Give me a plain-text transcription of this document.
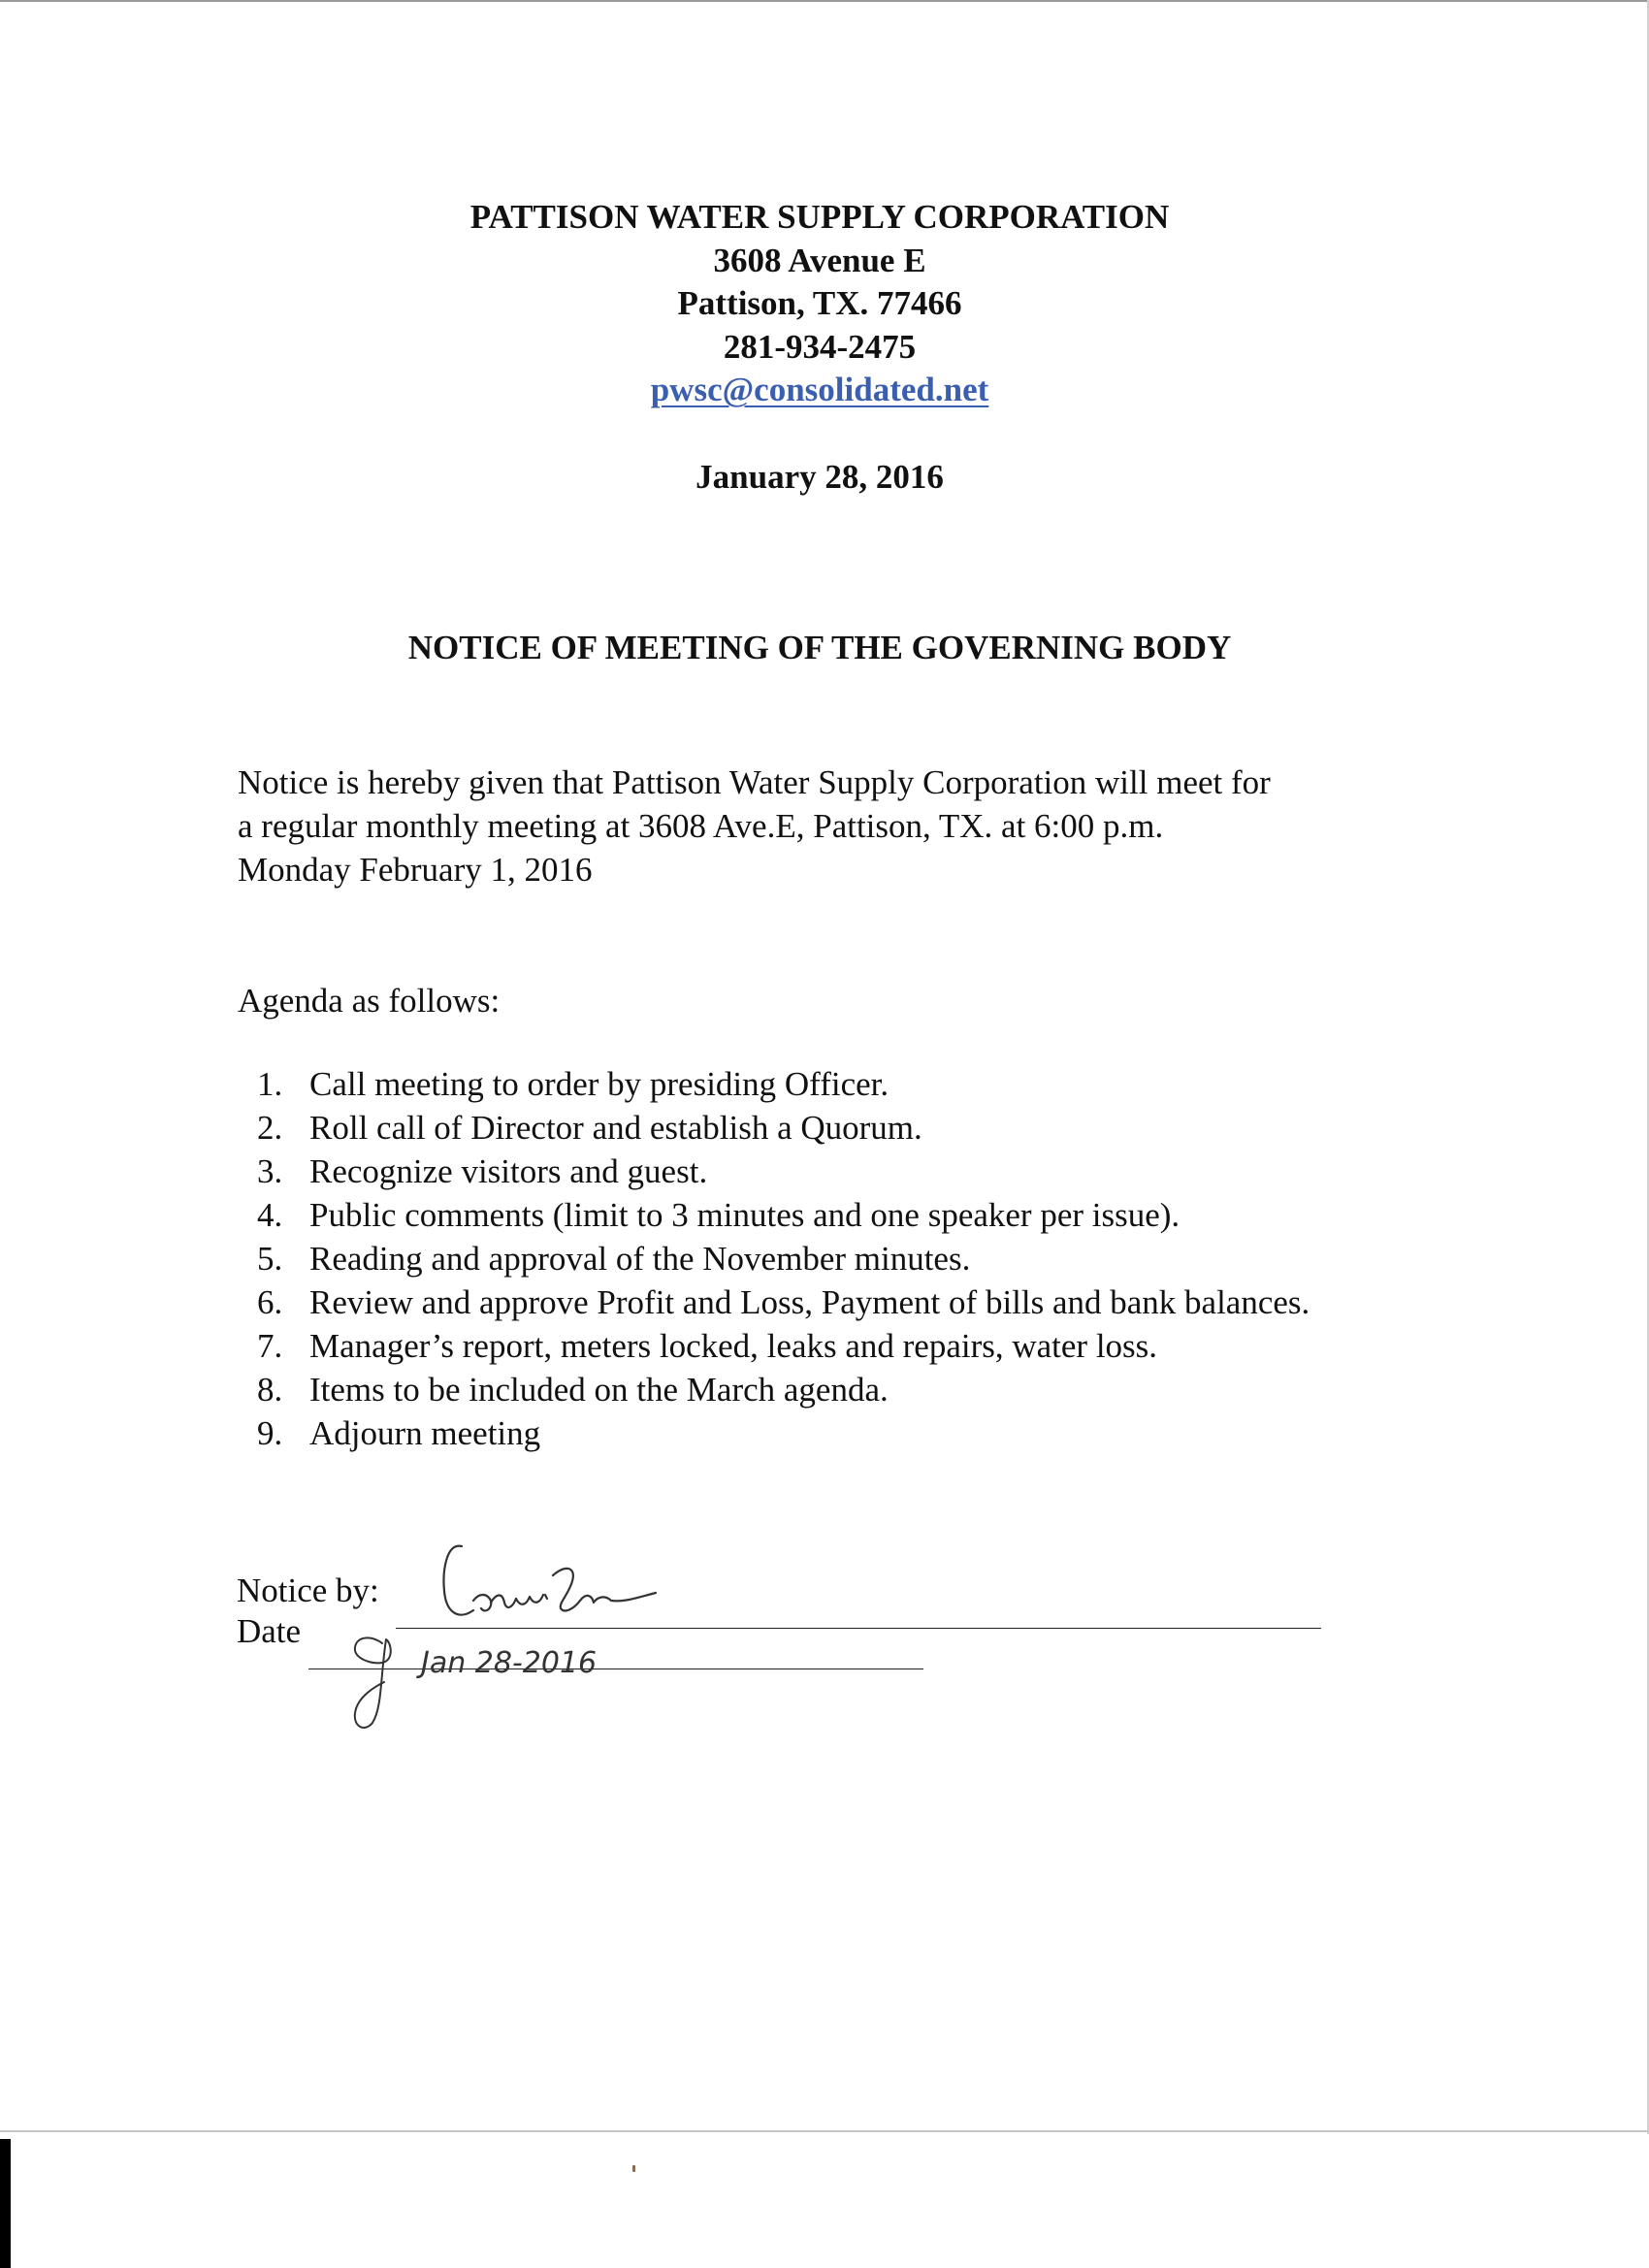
PATTISON WATER SUPPLY CORPORATION
3608 Avenue E
Pattison, TX. 77466
281-934-2475
pwsc@consolidated.net
January 28, 2016
NOTICE OF MEETING OF THE GOVERNING BODY
Notice is hereby given that Pattison Water Supply Corporation will meet for
a regular monthly meeting at 3608 Ave.E, Pattison, TX. at 6:00 p.m.
Monday February 1, 2016
Agenda as follows:
1. Call meeting to order by presiding Officer.
2. Roll call of Director and establish a Quorum.
3. Recognize visitors and guest.
4. Public comments (limit to 3 minutes and one speaker per issue).
5. Reading and approval of the November minutes.
6. Review and approve Profit and Loss, Payment of bills and bank balances.
7. Manager’s report, meters locked, leaks and repairs, water loss.
8. Items to be included on the March agenda.
9. Adjourn meeting
Notice by:
Date
Jan 28-2016
